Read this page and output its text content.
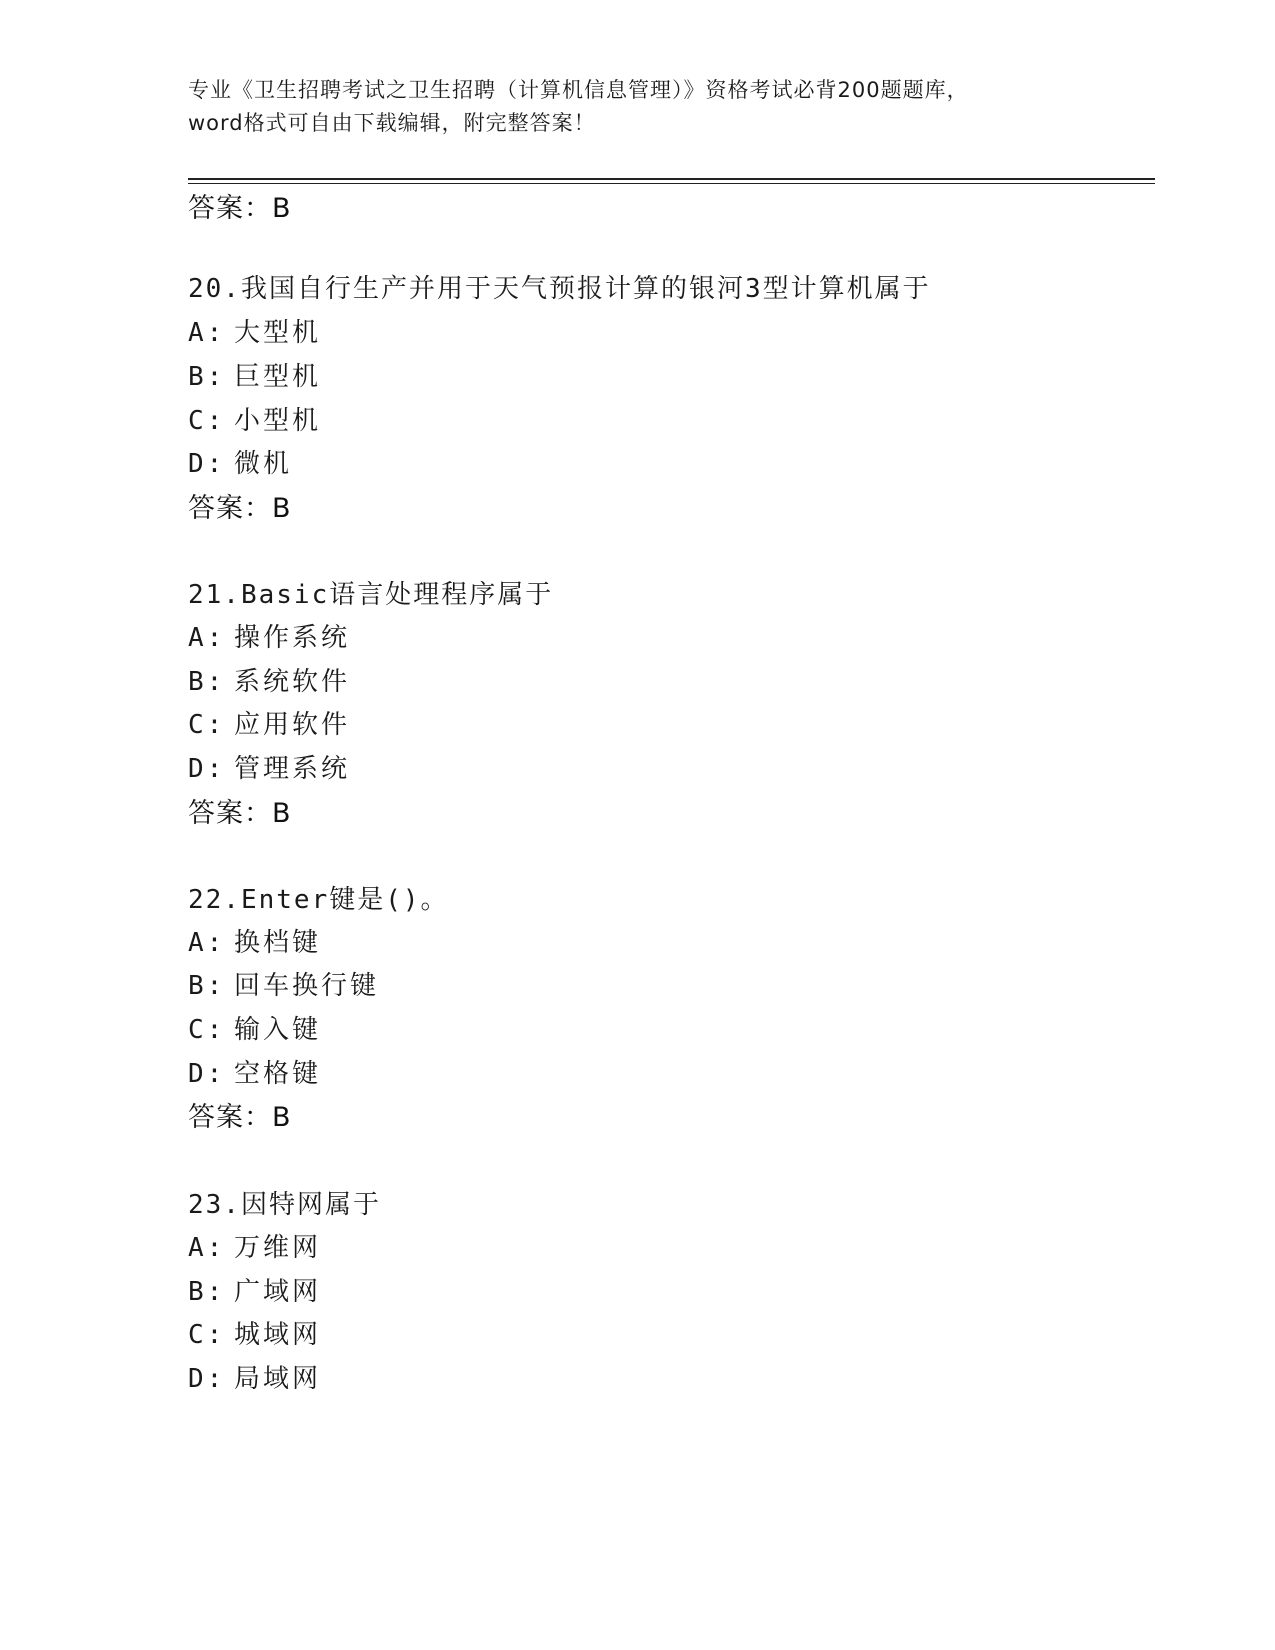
专业《卫生招聘考试之卫生招聘（计算机信息管理）》资格考试必背200题题库，
word格式可自由下载编辑，附完整答案！
答案：B
20.我国自行生产并用于天气预报计算的银河3型计算机属于
A: 大型机
B: 巨型机
C: 小型机
D: 微机
答案：B
21.Basic语言处理程序属于
A: 操作系统
B: 系统软件
C: 应用软件
D: 管理系统
答案：B
22.Enter键是()。
A: 换档键
B: 回车换行键
C: 输入键
D: 空格键
答案：B
23.因特网属于
A: 万维网
B: 广域网
C: 城域网
D: 局域网
